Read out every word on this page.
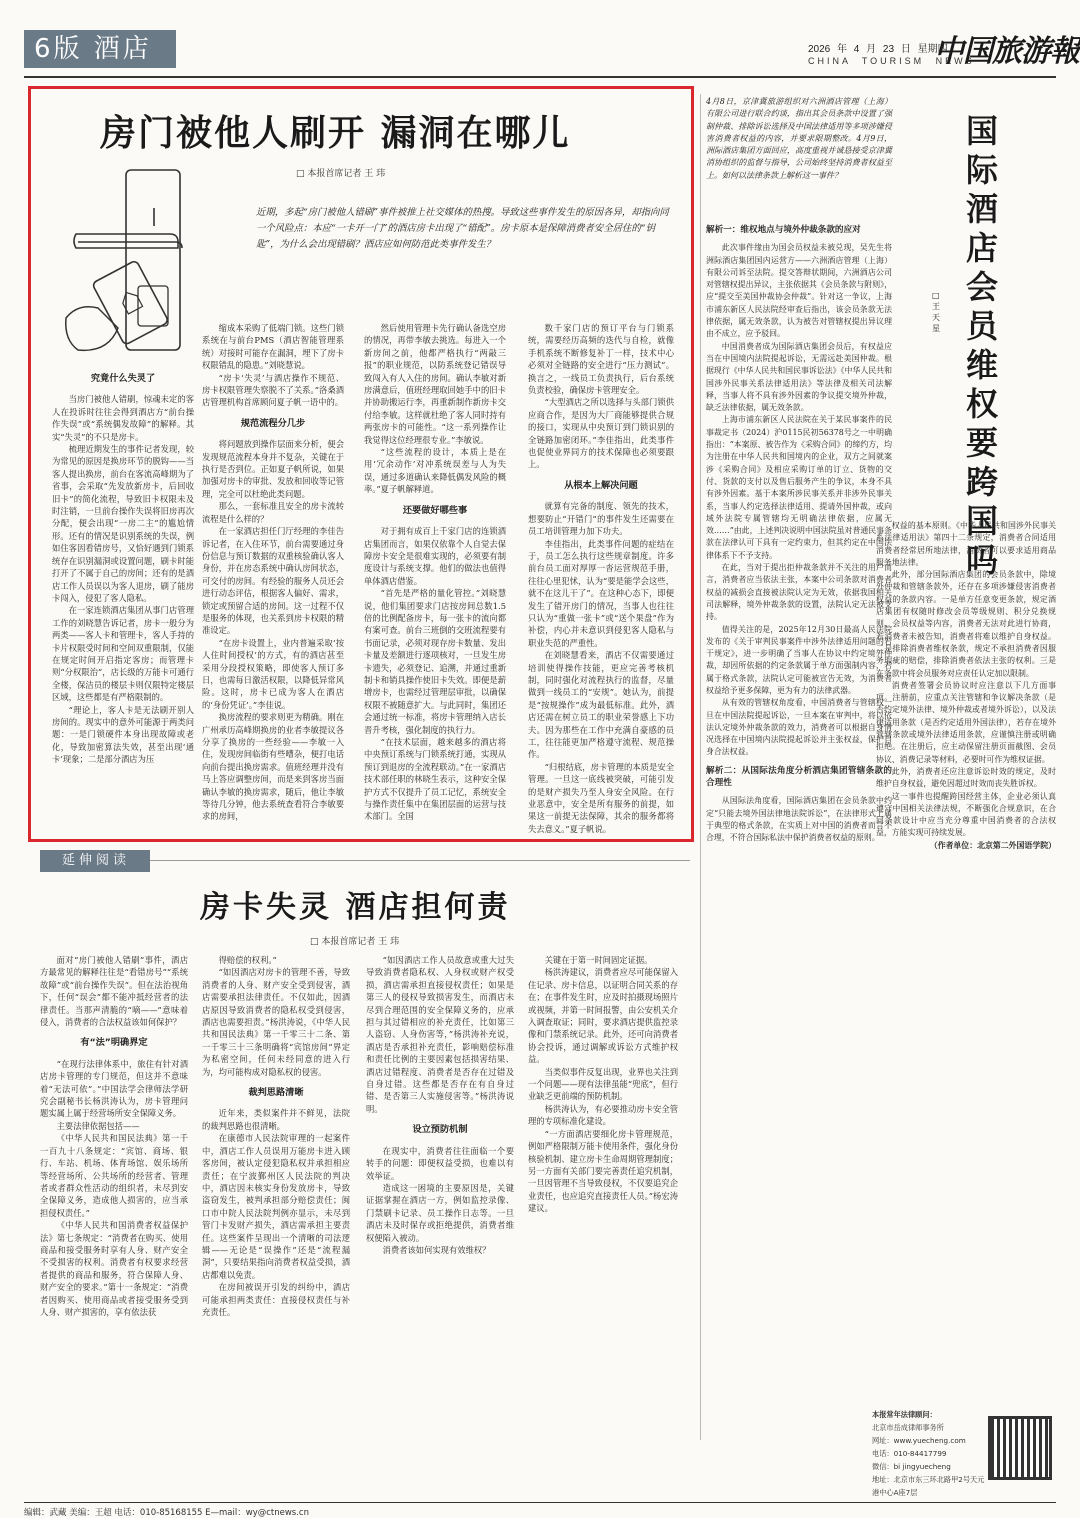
6版 酒店	2026 年 4 月 23 日 星期四
CHINA TOURISM NEWS
中国旅游報
房门被他人刷开 漏洞在哪儿
□ 本报首席记者 王 玮
近期，多起“房门被他人错刷”事件被推上社交媒体的热搜。导致这些事件发生的原因各异，却指向同一个风险点：本应“一卡开一门”的酒店房卡出现了“错配”。房卡原本是保障消费者安全居住的“钥匙”，为什么会出现错刷？酒店应如何防范此类事件发生？
究竟什么失灵了

当房门被他人错刷，惊魂未定的客人在投诉时往往会得到酒店方“前台操作失误”或“系统偶发故障”的解释。其实“失灵”的不只是房卡。

梳理近期发生的事件记者发现，较为常见的原因是换房环节的脱钩——当客人提出换房，前台在客流高峰期为了省事，会采取“先发放新房卡，后回收旧卡”的简化流程，导致旧卡权限未及时注销，一旦前台操作失误将旧房再次分配，便会出现“一房二主”的尴尬情形。还有的情况是识别系统的失误，例如住客因看错房号，又恰好遇到门锁系统存在识别漏洞或设置问题，刷卡时能打开了不属于自己的房间；还有的是酒店工作人员误以为客人退房，刷了能房卡闯入，侵犯了客人隐私。

在一家连锁酒店集团从事门店管理工作的刘晓慧告诉记者，房卡一般分为两类——客人卡和管理卡，客人手持的卡片权限受时间和空间双重限制，仅能在规定时间开启指定客房；而管理卡则“分权限治”，店长级的万能卡可通行全楼，保洁员的楼层卡则仅限特定楼层区域，这些都是有严格限制的。

“理论上，客人卡是无法刷开别人房间的。现实中的意外可能源于两类问题：一是门锁硬件本身出现故障或老化，导致加密算法失效，甚至出现‘通卡’现象；二是部分酒店为压

缩成本采购了低端门锁。这些门锁系统在与前台PMS（酒店智能管理系统）对接时可能存在漏洞，埋下了房卡权限错乱的隐患。”刘晓慧说。

“房卡‘失灵’与酒店操作不规范、房卡权限管理失察脱不了关系。”洛桑酒店管理机构首席顾问夏子帆一语中的。

规范流程分几步

将问题放到操作层面来分析，便会发现规范流程本身并不复杂，关键在于执行是否到位。正如夏子帆所说，如果加强对房卡的审批、发放和回收等记管理，完全可以杜绝此类问题。

那么，一套标准且安全的房卡流转流程是什么样的？

在一家酒店担任门厅经理的李佳告诉记者，在入住环节，前台需要通过身份信息与预订数据的双重核验确认客人身份，并在房态系统中确认房间状态，可交付的房间。有经验的服务人员还会进行动态评估，根据客人偏好、需求，锁定或预留合适的房间。这一过程不仅是服务的体现，也关系到房卡权限的精准设定。

“在房卡设置上，业内普遍采取‘按人住时间授权’的方式，有的酒店甚至采用分段授权策略，即使客人预订多日，也需每日激活权限，以降低异常风险。这时，房卡已成为客人在酒店的‘身份凭证’。”李佳说。

换房流程的要求则更为精确。刚在广州承历高峰期换房的业者李敏提议各分享了换房的一些经验——李敏一入住，发现房间临街有些嘈杂，便打电话向前台提出换房需求。值班经理并没有马上答应调整房间，而是来到客房当面确认李敏的换房需求，随后，他让李敏等待几分钟，他去系统查看符合李敏要求的房间，

然后使用管理卡先行确认备选空房的情况，再带李敏去挑选。每进入一个新房间之前，他都严格执行“两敲三报”的职业规范，以防系统登记错误导致闯入有人入住的房间。确认李敏对新房满意后，值班经理取回她手中的旧卡并协助搬运行李，再重新制作新房卡交付给李敏。这样就杜绝了客人同时持有两张房卡的可能性。“这一系列操作让我觉得这位经理很专业。”李敏说。

“这些流程的设计，本质上是在用‘冗余动作’对冲系统误差与人为失误，通过多道确认来降低偶发风险的概率。”夏子帆解释道。

还要做好哪些事

对于拥有成百上千家门店的连锁酒店集团而言，如果仅依靠个人自觉去保障房卡安全是很难实现的，必须要有制度设计与系统支撑。他们的做法也值得单体酒店借鉴。

“首先是严格的量化管控。”刘晓慧说，他们集团要求门店按房间总数1.5倍的比例配备房卡，每一张卡的流向都有案可查。前台三班倒的交班流程要有书面记录，必须对现存房卡数量、发出卡量及差额进行逐项核对，一旦发生房卡遗失，必须登记、追溯，并通过重新制卡和销具操作使旧卡失效。即便是薪增房卡，也需经过管理层审批，以确保权限不被随意扩大。与此同时，集团还会通过统一标准，将房卡管理纳入店长晋升考核，强化制度的执行力。

“在技术层面，越来越多的酒店将中央预订系统与门锁系统打通，实现从预订到退房的全流程联动。”在一家酒店技术部任职的林晓生表示，这种安全保护方式不仅提升了员工记忆，系统安全与操作责任集中在集团层面的运营与技术部门。全国

数千家门店的预订平台与门锁系统，需要经历高频的迭代与自检，就像手机系统不断修复补丁一样，技术中心必须对全链路的安全进行“压力测试”。换言之，一线员工负责执行，后台系统负责校验，确保房卡管理安全。

“大型酒店之所以选择与头部门锁供应商合作，是因为大厂商能够提供合规的接口，实现从中央预订到门锁识别的全链路加密闭环。”李佳指出，此类事件也促使业界同方的技术保障也必须要跟上。

从根本上解决问题

就算有完备的制度、领先的技术，想要防止“开错门”的事件发生还需要在员工培训管理力加下功夫。

李佳指出，此类事件问题的症结在于，员工怎么执行这些规章制度。许多前台员工面对厚厚一沓运营规范手册，往往心里犯怵，认为“要是能学会这些，就不在这儿干了”。在这种心态下，即便发生了错开房门的情况，当事人也往往只认为“重做一张卡”或“送个果盘”作为补偿，内心并未意识到侵犯客人隐私与职业失范的严重性。

在刘晓慧看来，酒店不仅需要通过培训使得操作技能，更应完善考核机制，同时强化对流程执行的监督，尽量做到一线员工的“安规”。她认为，前提是“按规操作”成为最低标准。此外，酒店还需在树立员工的职业荣誉感上下功夫。因为那些在工作中充满自豪感的员工，往往能更加严格遵守流程、规范操作。

“归根结底，房卡管理的本质是安全管理。一旦这一底线被突破，可能引发的是财产损失乃至人身安全风险。在行业恶意中，安全是所有服务的前提，如果这一前提无法保障，其余的服务都将失去意义。”夏子帆说。

延伸阅读
房卡失灵 酒店担何责
□ 本报首席记者 王 玮

面对“房门被他人错刷”事件，酒店方最常见的解释往往是“看错房号”“系统故障”或“前台操作失误”。但在法治视角下，任何“误会”都不能冲抵经营者的法律责任。当那声清脆的“嘀——”意味着侵入，消费者的合法权益该如何保护？

有“法”明确界定

“在现行法律体系中，旅住有针对酒店房卡管理的专门规范，但这并不意味着“无法可依”。”中国法学会律师法学研究会副秘书长杨洪涛认为，房卡管理问题实属上属于经营场所安全保障义务。

主要法律依据包括——

《中华人民共和国民法典》第一千一百九十八条规定：“宾馆、商场、银行、车站、机场、体育场馆、娱乐场所等经营场所、公共场所的经营者、管理者或者群众性活动的组织者，未尽到安全保障义务，造成他人损害的，应当承担侵权责任。”

《中华人民共和国消费者权益保护法》第七条规定：“消费者在购买、使用商品和接受服务时享有人身、财产安全不受损害的权利。消费者有权要求经营者提供的商品和服务，符合保障人身、财产安全的要求。”第十一条规定：“消费者因购买、使用商品或者接受服务受到人身、财产损害的，享有依法获

得赔偿的权利。”

“如因酒店对房卡的管理不善，导致消费者的人身、财产安全受到侵害，酒店需要承担法律责任。不仅如此，因酒店原因导致消费者的隐私权受到侵害，酒店也需要担责。”杨洪涛说，《中华人民共和国民法典》第一千零三十二条、第一千零三十三条明确将“宾馆房间”界定为私密空间，任何未经同意的进入行为，均可能构成对隐私权的侵害。

裁判思路清晰

近年来，类似案件并不鲜见，法院的裁判思路也很清晰。

在康德市人民法院审理的一起案件中，酒店工作人员误用万能房卡进入顾客房间，被认定侵犯隐私权并承担相应责任；在宁波鄞州区人民法院的判决中，酒店因未核实身份发放房卡，导致盗窃发生，被判承担部分赔偿责任；闽口市中院人民法院判例亦显示，未尽到管门卡发财产损失，酒店需承担主要责任。这些案件呈现出一个清晰的司法逻辑——无论是“误操作”还是“流程漏洞”，只要结果指向消费者权益受损，酒店都难以免责。

在房间被误开引发的纠纷中，酒店可能承担两类责任：直接侵权责任与补充责任。

“如因酒店工作人员故意或重大过失导致消费者隐私权、人身权或财产权受损，酒店需承担直接侵权责任；如果是第三人的侵权导致损害发生，而酒店未尽到合理范围的安全保障义务的，应承担与其过错相应的补充责任，比如第三人盗窃、人身伤害等，”杨洪涛补充说，酒店是否承担补充责任，影响赔偿标准和责任比例的主要因素包括损害结果、酒店过错程度、消费者是否存在过错及自身过错。这些都是否存在有自身过错、是否第三人实施侵害等。”杨洪涛说明。

设立预防机制

在现实中，消费者往往面临一个要转手的问题：即便权益受损，也难以有效举证。

造成这一困境的主要原因是，关键证据掌握在酒店一方，例如监控录像、门禁刷卡记录、员工操作日志等。一旦酒店未及时保存或拒绝提供，消费者维权便陷入被动。

消费者该如何实现有效维权？

关键在于第一时间固定证据。

杨洪涛建议，消费者应尽可能保留入住记录、房卡信息，以证明合同关系的存在；在事件发生时，应及时拍摄现场照片或视频，并第一时间报警，由公安机关介入调查取证；同时，要求酒店提供监控录像和门禁系统记录。此外，还可向消费者协会投诉，通过调解或诉讼方式维护权益。

当类似事件反复出现，业界也关注到一个问题——现有法律虽能“兜底”，但行业缺乏更前端的预防机制。

杨洪涛认为，有必要推动房卡安全管理的专项标准化建设。

“一方面酒店要细化房卡管理规范，例如严格限制万能卡使用条件，强化身份核验机制、建立房卡生命周期管理制度；另一方面有关部门要完善责任追究机制，一旦因管理不当导致侵权，不仅要追究企业责任，也应追究直接责任人员。”杨宏涛建议。

国际酒店会员维权要跨国吗
□ 王天星
4月8日，京津冀旅游组织对六洲酒店管理（上海）有限公司进行联合约谈，指出其会员条款中设置了强制仲裁、排除诉讼选择及中国法律适用等多项涉嫌侵害消费者权益的内容，并要求限期整改。4月9日，洲际酒店集团方面回应，高度重视并诚恳接受京津冀消协组织的监督与指导，公司始终坚持消费者权益至上。如何以法律条款上解析这一事件？
解析一：维权地点与境外仲裁条款的应对

此次事件缘由为国会员权益未被兑现，吴先生将洲际酒店集团国内运营方——六洲酒店管理（上海）有限公司诉至法院。提交答辩状期间，六洲酒店公司对管辖权提出异议，主张依据其《会员条款与附则》，应“提交至美国仲裁协会仲裁”。针对这一争议，上海市浦东新区人民法院经审查后指出，该会员条款无法律依据，属无效条款，认为被告对管辖权提出异议理由不成立，应予驳回。

中国消费者成为国际酒店集团会员后，有权益应当在中国境内法院提起诉讼，无需远赴美国仲裁。根据现行《中华人民共和国民事诉讼法》《中华人民共和国涉外民事关系法律适用法》等法律及相关司法解释，当事人将不具有涉外因素的争议提交境外仲裁，缺乏法律依据，属无效条款。

上海市浦东新区人民法院在关于某民事案件的民事裁定书（2024）沪0115民初56378号之一中明确指出：“本案原、被告作为《采购合同》的缔约方，均为注册在中华人民共和国境内的企业，双方之间就案涉《采购合同》及相应采购订单的订立、货物的交付、货款的支付以及售后服务产生的争议，本身不具有涉外因素。基于本案所涉民事关系并非涉外民事关系，当事人约定选择法律适用、提请外国仲裁，或向域外法院专属管辖均无明确法律依据，应属无效……”由此，上述判决说明中国法院虽对普通民事条款在法律认可下具有一定约束力，但其约定在中国法律体系下不予支持。

在此，当对于提出拒仲裁条款并不关注的用户而言，消费者应当依法主张，本案中公司条款对消费者权益的减损会直接被法院认定为无效，依据我国相关司法解释，境外仲裁条款的设置，法院认定无法被支持。

值得关注的是，2025年12月30日最高人民法院发布的《关于审判民事案件中涉外法律适用问题的若干规定》，进一步明确了当事人在协议中约定境外仲裁，却因所依据的约定条款属于单方面强制内容，若属于格式条款，法院认定可能被宣告无效，为消费者权益给予更多保障，更为有力的法律武器。

从有效的管辖权角度看，中国消费者与管辖权一旦在中国法院提起诉讼，一旦本案在审判中，将以依法认定境外仲裁条款的效力，消费者可以根据自身情况选择在中国境内法院提起诉讼并主张权益，保护自身合法权益。

解析二：从国际法角度分析酒店集团管辖条款的合理性

从国际法角度看，国际酒店集团在会员条款中约定“只能去境外国法律地法院诉讼”，在法律形式上属于典型的格式条款，在实质上对中国的消费者而言不合理，不符合国际私法中保护消费者权益的原则。

权益的基本原则。《中华人民共和国涉外民事关系法律适用法》第四十二条规定，消费者合同适用消费者经常居所地法律，消费者可以要求适用商品服务地法律。

此外，部分国际酒店集团的会员条款中，除境外仲裁和管辖条款外，还存在多项涉嫌侵害消费者权益的条款内容。一是单方任意变更条款，规定酒店集团有权随时修改会员等级规则、积分兑换规则、会员权益等内容，消费者无法对此进行协商，若消费者未被告知，消费者将难以维护自身权益。二是排除消费者维权条款，规定不承担消费者因服务瑕疵的赔偿，排除消费者依法主张的权利。三是在条款中将会员服务对应责任认定加以限制。

消费者签署会员协议时应注意以下几方面事项。注册前，应重点关注管辖和争议解决条款（是否约定境外法律、境外仲裁或者境外诉讼），以及法律适用条款（是否约定适用外国法律），若存在境外管辖条款或境外法律适用条款，应谨慎注册或明确拒绝。在注册后，应主动保留注册页面截图、会员协议、消费记录等材料，必要时可作为维权证据。

此外，消费者还应注意诉讼时效的规定，及时维护自身权益，避免因超过时效而丧失胜诉权。

这一事件也提醒跨国经营主体，企业必须认真遵守中国相关法律法规，不断强化合规意识，在合同条款设计中应当充分尊重中国消费者的合法权益，方能实现可持续发展。

（作者单位：北京第二外国语学院）

本报常年法律顾问：
北京市岳成律师事务所
网址：www.yuecheng.com
电话：010-84417799
微信：bi jingyuecheng
地址：北京市东三环北路甲2号天元港中心A座7层
编辑：武藏 美编：王超 电话：010-85168155 E—mail：wy@ctnews.cn
